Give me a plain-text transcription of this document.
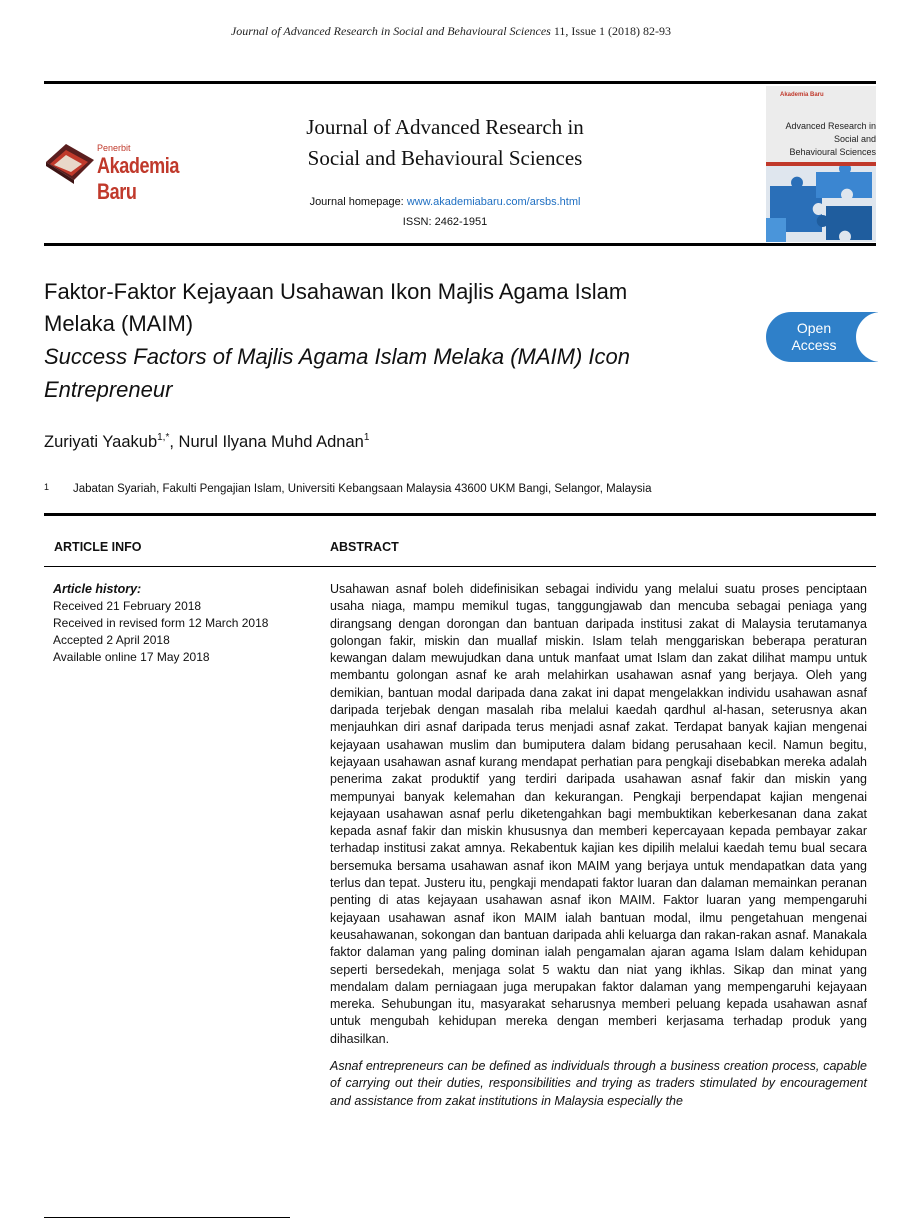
Journal of Advanced Research in Social and Behavioural Sciences 11, Issue 1 (2018) 82-93
Penerbit
Akademia Baru
Journal of Advanced Research in
Social and Behavioural Sciences
Journal homepage: www.akademiabaru.com/arsbs.html
ISSN: 2462-1951
Akademia Baru
Advanced Research in
Social and
Behavioural Sciences
Faktor-Faktor Kejayaan Usahawan Ikon Majlis Agama Islam
Melaka (MAIM)
Success Factors of Majlis Agama Islam Melaka (MAIM) Icon
Entrepreneur
Open
Access
Zuriyati Yaakub$^{1,*}$, Nurul Ilyana Muhd Adnan$^1$
1 Jabatan Syariah, Fakulti Pengajian Islam, Universiti Kebangsaan Malaysia 43600 UKM Bangi, Selangor, Malaysia
ARTICLE INFO	ABSTRACT
Article history:
Received 21 February 2018
Received in revised form 12 March 2018
Accepted 2 April 2018
Available online 17 May 2018

Usahawan asnaf boleh didefinisikan sebagai individu yang melalui suatu proses penciptaan usaha niaga, mampu memikul tugas, tanggungjawab dan mencuba sebagai peniaga yang dirangsang dengan dorongan dan bantuan daripada institusi zakat di Malaysia terutamanya golongan fakir, miskin dan muallaf miskin. Islam telah menggariskan beberapa peraturan kewangan dalam mewujudkan dana untuk manfaat umat Islam dan zakat dilihat mampu untuk membantu golongan asnaf ke arah melahirkan usahawan asnaf yang berjaya. Oleh yang demikian, bantuan modal daripada dana zakat ini dapat mengelakkan individu usahawan asnaf daripada terjebak dengan masalah riba melalui kaedah qardhul al-hasan, seterusnya akan menjauhkan diri asnaf daripada terus menjadi asnaf zakat. Terdapat banyak kajian mengenai kejayaan usahawan muslim dan bumiputera dalam bidang perusahaan kecil. Namun begitu, kejayaan usahawan asnaf kurang mendapat perhatian para pengkaji disebabkan mereka adalah penerima zakat produktif yang terdiri daripada usahawan asnaf fakir dan miskin yang mempunyai banyak kelemahan dan kekurangan. Pengkaji berpendapat kajian mengenai kejayaan usahawan asnaf perlu diketengahkan bagi membuktikan keberkesanan dana zakat kepada asnaf fakir dan miskin khususnya dan memberi kepercayaan kepada pembayar zakar terhadap institusi zakat amnya. Rekabentuk kajian kes dipilih melalui kaedah temu bual secara bersemuka bersama usahawan asnaf ikon MAIM yang berjaya untuk mendapatkan data yang terlus dan tepat. Justeru itu, pengkaji mendapati faktor luaran dan dalaman memainkan peranan penting di atas kejayaan usahawan asnaf ikon MAIM. Faktor luaran yang mempengaruhi kejayaan usahawan asnaf ikon MAIM ialah bantuan modal, ilmu pengetahuan mengenai keusahawanan, sokongan dan bantuan daripada ahli keluarga dan rakan-rakan asnaf. Manakala faktor dalaman yang paling dominan ialah pengamalan ajaran agama Islam dalam kehidupan seperti bersedekah, menjaga solat 5 waktu dan niat yang ikhlas. Sikap dan minat yang mendalam dalam perniagaan juga merupakan faktor dalaman yang mempengaruhi kejayaan mereka. Sehubungan itu, masyarakat seharusnya memberi peluang kepada usahawan asnaf untuk mengubah kehidupan mereka dengan memberi kerjasama terhadap produk yang dihasilkan.

Asnaf entrepreneurs can be defined as individuals through a business creation process, capable of carrying out their duties, responsibilities and trying as traders stimulated by encouragement and assistance from zakat institutions in Malaysia especially the
